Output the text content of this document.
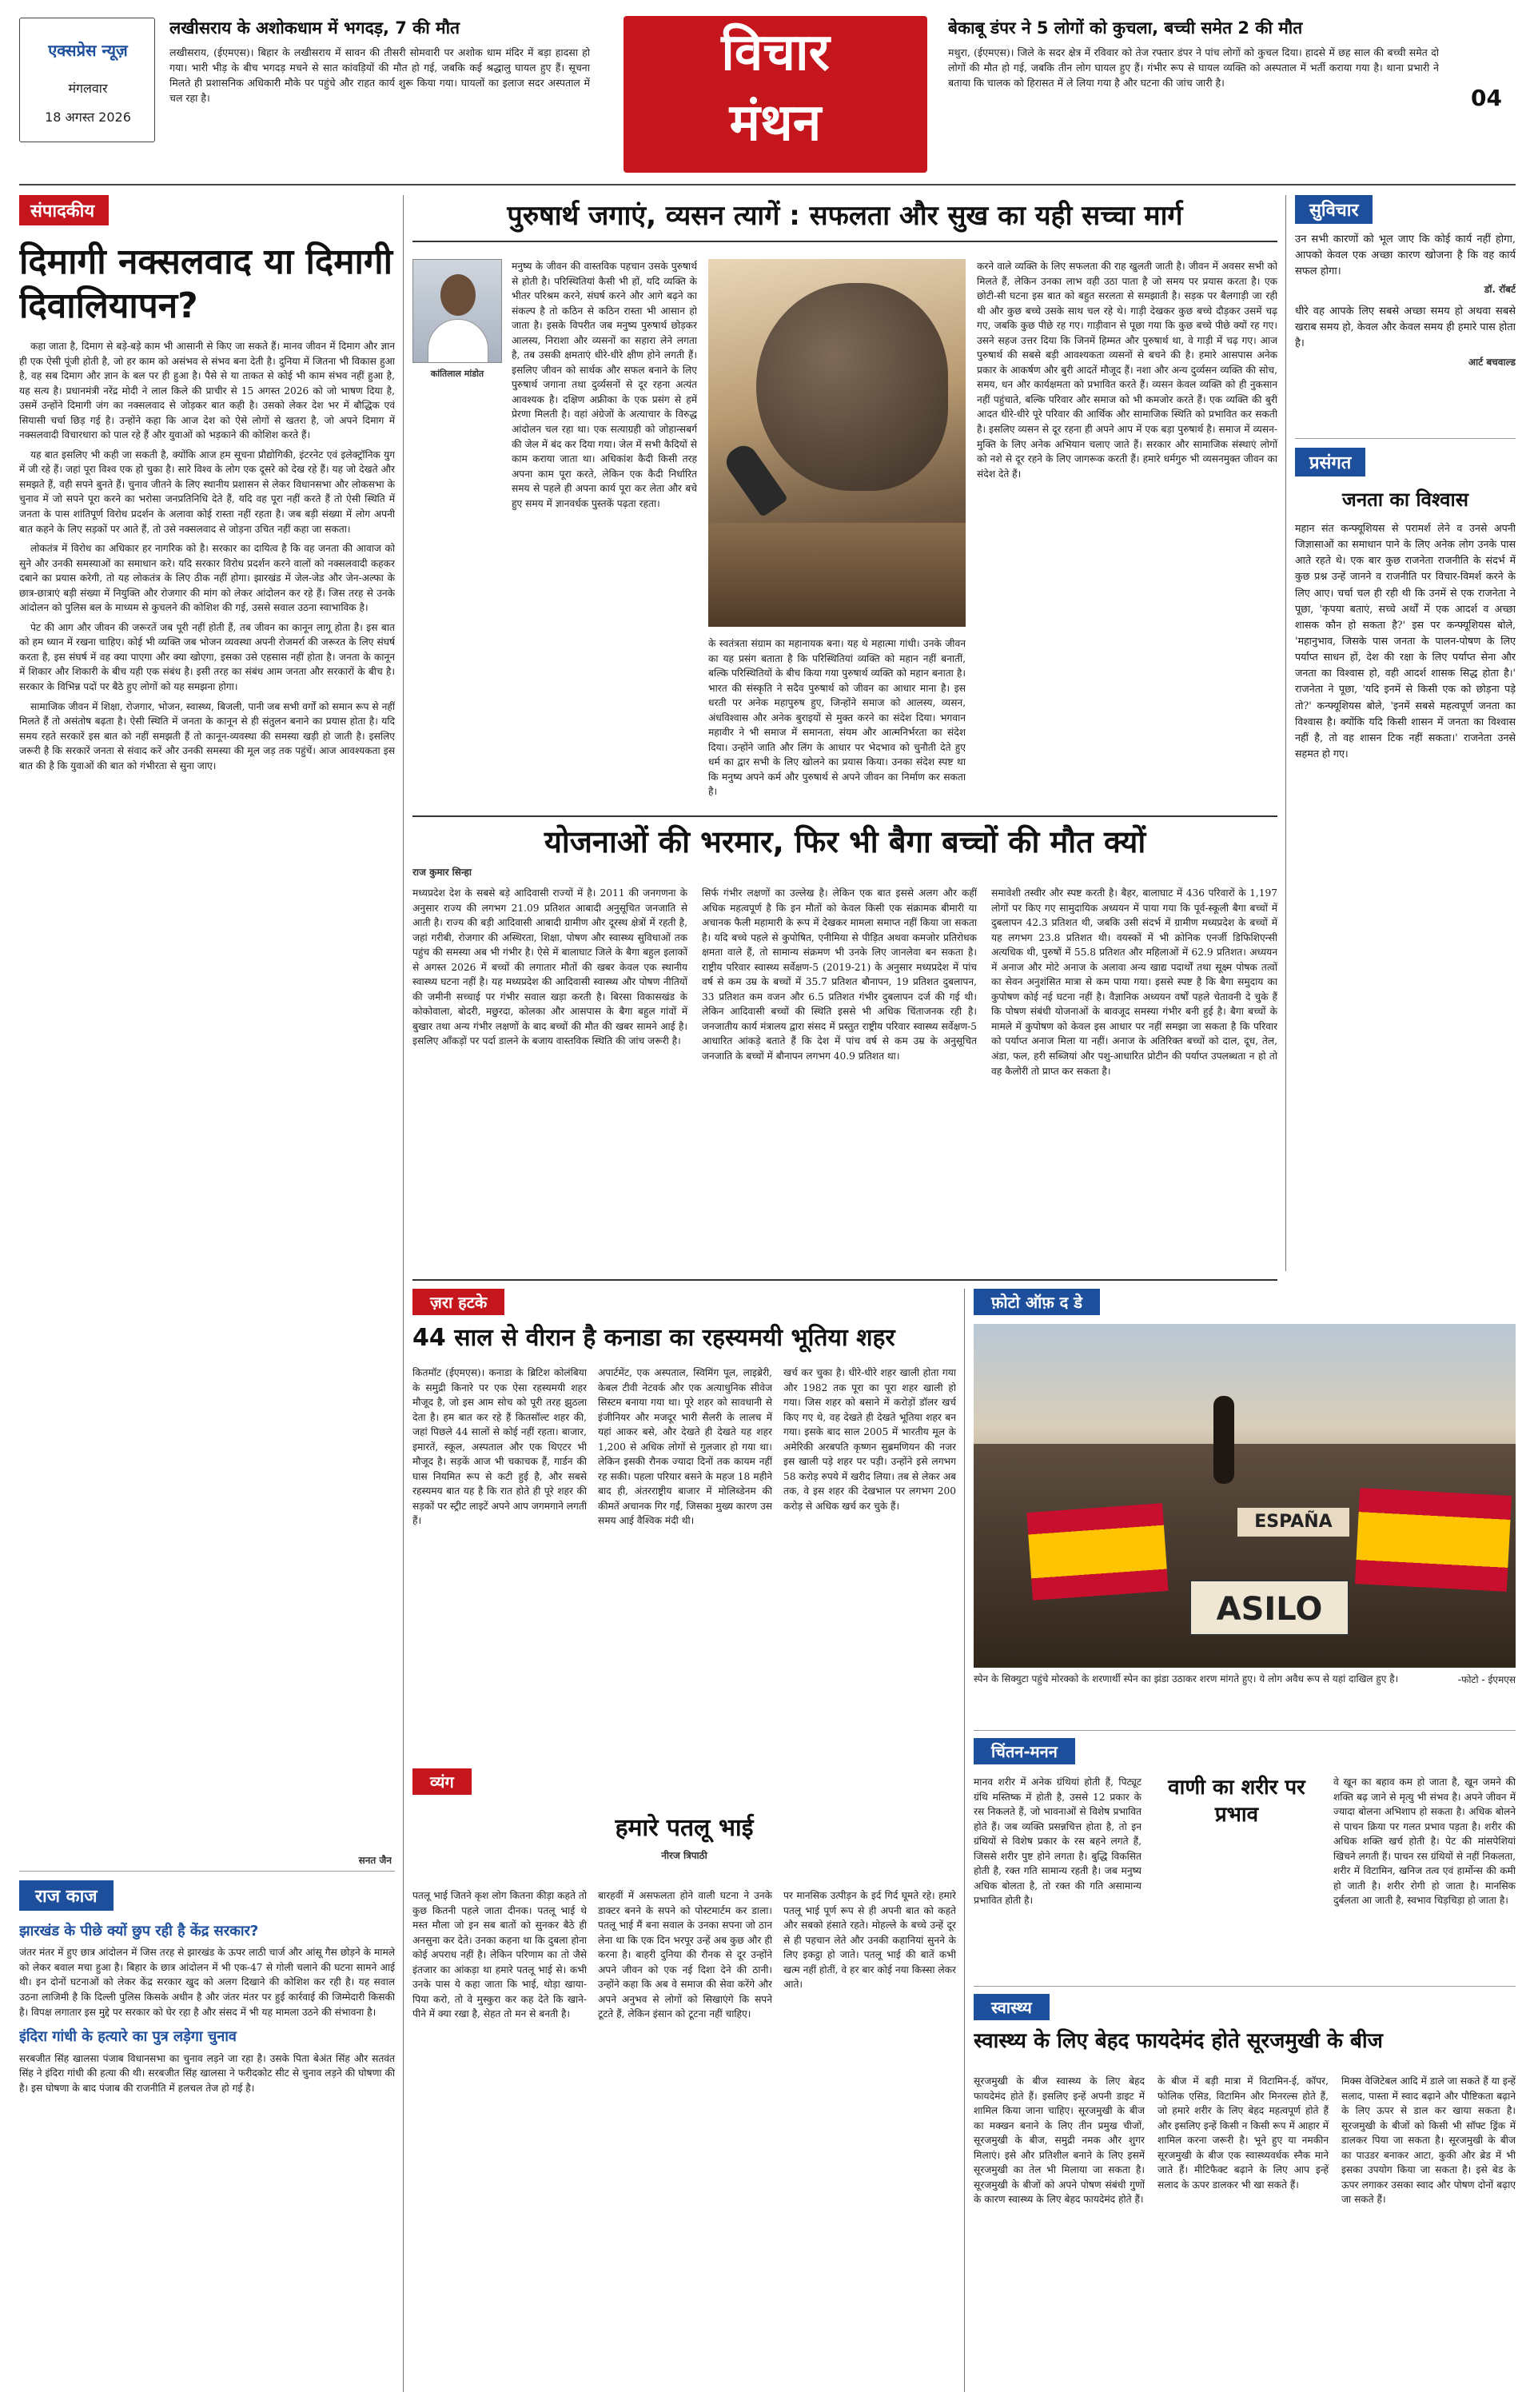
एक्सप्रेस न्यूज़
मंगलवार
18 अगस्त 2026
लखीसराय के अशोकधाम में भगदड़, 7 की मौत
लखीसराय, (ईएमएस)। बिहार के लखीसराय में सावन की तीसरी सोमवारी पर अशोक धाम मंदिर में बड़ा हादसा हो गया। भारी भीड़ के बीच भगदड़ मचने से सात कांवड़ियों की मौत हो गई, जबकि कई श्रद्धालु घायल हुए हैं। सूचना मिलते ही प्रशासनिक अधिकारी मौके पर पहुंचे और राहत कार्य शुरू किया गया। घायलों का इलाज सदर अस्पताल में चल रहा है।
विचार
मंथन
बेकाबू डंपर ने 5 लोगों को कुचला, बच्ची समेत 2 की मौत
मथुरा, (ईएमएस)। जिले के सदर क्षेत्र में रविवार को तेज रफ्तार डंपर ने पांच लोगों को कुचल दिया। हादसे में छह साल की बच्ची समेत दो लोगों की मौत हो गई, जबकि तीन लोग घायल हुए हैं। गंभीर रूप से घायल व्यक्ति को अस्पताल में भर्ती कराया गया है। थाना प्रभारी ने बताया कि चालक को हिरासत में ले लिया गया है और घटना की जांच जारी है।
04
संपादकीय
दिमागी नक्सलवाद या दिमागी दिवालियापन?

कहा जाता है, दिमाग से बड़े-बड़े काम भी आसानी से किए जा सकते हैं। मानव जीवन में दिमाग और ज्ञान ही एक ऐसी पूंजी होती है, जो हर काम को असंभव से संभव बना देती है। दुनिया में जितना भी विकास हुआ है, वह सब दिमाग और ज्ञान के बल पर ही हुआ है। पैसे से या ताकत से कोई भी काम संभव नहीं हुआ है, यह सत्य है। प्रधानमंत्री नरेंद्र मोदी ने लाल किले की प्राचीर से 15 अगस्त 2026 को जो भाषण दिया है, उसमें उन्होंने दिमागी जंग का नक्सलवाद से जोड़कर बात कही है। उसको लेकर देश भर में बौद्धिक एवं सियासी चर्चा छिड़ गई है। उन्होंने कहा कि आज देश को ऐसे लोगों से खतरा है, जो अपने दिमाग में नक्सलवादी विचारधारा को पाल रहे हैं और युवाओं को भड़काने की कोशिश करते हैं।

यह बात इसलिए भी कही जा सकती है, क्योंकि आज हम सूचना प्रौद्योगिकी, इंटरनेट एवं इलेक्ट्रॉनिक युग में जी रहे हैं। जहां पूरा विश्व एक हो चुका है। सारे विश्व के लोग एक दूसरे को देख रहे हैं। यह जो देखते और समझते हैं, वही सपने बुनते हैं। चुनाव जीतने के लिए स्थानीय प्रशासन से लेकर विधानसभा और लोकसभा के चुनाव में जो सपने पूरा करने का भरोसा जनप्रतिनिधि देते हैं, यदि वह पूरा नहीं करते हैं तो ऐसी स्थिति में जनता के पास शांतिपूर्ण विरोध प्रदर्शन के अलावा कोई रास्ता नहीं रहता है। जब बड़ी संख्या में लोग अपनी बात कहने के लिए सड़कों पर आते हैं, तो उसे नक्सलवाद से जोड़ना उचित नहीं कहा जा सकता।

लोकतंत्र में विरोध का अधिकार हर नागरिक को है। सरकार का दायित्व है कि वह जनता की आवाज को सुने और उनकी समस्याओं का समाधान करे। यदि सरकार विरोध प्रदर्शन करने वालों को नक्सलवादी कहकर दबाने का प्रयास करेगी, तो यह लोकतंत्र के लिए ठीक नहीं होगा। झारखंड में जेल-जेड और जेन-अल्फा के छात्र-छात्राएं बड़ी संख्या में नियुक्ति और रोजगार की मांग को लेकर आंदोलन कर रहे हैं। जिस तरह से उनके आंदोलन को पुलिस बल के माध्यम से कुचलने की कोशिश की गई, उससे सवाल उठना स्वाभाविक है।

पेट की आग और जीवन की जरूरतें जब पूरी नहीं होती हैं, तब जीवन का कानून लागू होता है। इस बात को हम ध्यान में रखना चाहिए। कोई भी व्यक्ति जब भोजन व्यवस्था अपनी रोजमर्रा की जरूरत के लिए संघर्ष करता है, इस संघर्ष में वह क्या पाएगा और क्या खोएगा, इसका उसे एहसास नहीं होता है। जनता के कानून में शिकार और शिकारी के बीच यही एक संबंध है। इसी तरह का संबंध आम जनता और सरकारों के बीच है। सरकार के विभिन्न पदों पर बैठे हुए लोगों को यह समझना होगा।

सामाजिक जीवन में शिक्षा, रोजगार, भोजन, स्वास्थ्य, बिजली, पानी जब सभी वर्गों को समान रूप से नहीं मिलते हैं तो असंतोष बढ़ता है। ऐसी स्थिति में जनता के कानून से ही संतुलन बनाने का प्रयास होता है। यदि समय रहते सरकारें इस बात को नहीं समझती हैं तो कानून-व्यवस्था की समस्या खड़ी हो जाती है। इसलिए जरूरी है कि सरकारें जनता से संवाद करें और उनकी समस्या की मूल जड़ तक पहुंचें। आज आवश्यकता इस बात की है कि युवाओं की बात को गंभीरता से सुना जाए।

सनत जैन
राज काज
झारखंड के पीछे क्यों छुप रही है केंद्र सरकार?
जंतर मंतर में हुए छात्र आंदोलन में जिस तरह से झारखंड के ऊपर लाठी चार्ज और आंसू गैस छोड़ने के मामले को लेकर बवाल मचा हुआ है। बिहार के छात्र आंदोलन में भी एक-47 से गोली चलाने की घटना सामने आई थी। इन दोनों घटनाओं को लेकर केंद्र सरकार खुद को अलग दिखाने की कोशिश कर रही है। यह सवाल उठना लाजिमी है कि दिल्ली पुलिस किसके अधीन है और जंतर मंतर पर हुई कार्रवाई की जिम्मेदारी किसकी है। विपक्ष लगातार इस मुद्दे पर सरकार को घेर रहा है और संसद में भी यह मामला उठने की संभावना है।
इंदिरा गांधी के हत्यारे का पुत्र लड़ेगा चुनाव
सरबजीत सिंह खालसा पंजाब विधानसभा का चुनाव लड़ने जा रहा है। उसके पिता बेअंत सिंह और सतवंत सिंह ने इंदिरा गांधी की हत्या की थी। सरबजीत सिंह खालसा ने फरीदकोट सीट से चुनाव लड़ने की घोषणा की है। इस घोषणा के बाद पंजाब की राजनीति में हलचल तेज हो गई है।
पुरुषार्थ जगाएं, व्यसन त्यागें : सफलता और सुख का यही सच्चा मार्ग
कांतिलाल मांडोत
मनुष्य के जीवन की वास्तविक पहचान उसके पुरुषार्थ से होती है। परिस्थितियां कैसी भी हों, यदि व्यक्ति के भीतर परिश्रम करने, संघर्ष करने और आगे बढ़ने का संकल्प है तो कठिन से कठिन रास्ता भी आसान हो जाता है। इसके विपरीत जब मनुष्य पुरुषार्थ छोड़कर आलस्य, निराशा और व्यसनों का सहारा लेने लगता है, तब उसकी क्षमताएं धीरे-धीरे क्षीण होने लगती हैं। इसलिए जीवन को सार्थक और सफल बनाने के लिए पुरुषार्थ जगाना तथा दुर्व्यसनों से दूर रहना अत्यंत आवश्यक है। दक्षिण अफ्रीका के एक प्रसंग से हमें प्रेरणा मिलती है। वहां अंग्रेजों के अत्याचार के विरुद्ध आंदोलन चल रहा था। एक सत्याग्रही को जोहान्सबर्ग की जेल में बंद कर दिया गया। जेल में सभी कैदियों से काम कराया जाता था। अधिकांश कैदी किसी तरह अपना काम पूरा करते, लेकिन एक कैदी निर्धारित समय से पहले ही अपना कार्य पूरा कर लेता और बचे हुए समय में ज्ञानवर्धक पुस्तकें पढ़ता रहता।
के स्वतंत्रता संग्राम का महानायक बना। यह थे महात्मा गांधी। उनके जीवन का यह प्रसंग बताता है कि परिस्थितियां व्यक्ति को महान नहीं बनातीं, बल्कि परिस्थितियों के बीच किया गया पुरुषार्थ व्यक्ति को महान बनाता है। भारत की संस्कृति ने सदैव पुरुषार्थ को जीवन का आधार माना है। इस धरती पर अनेक महापुरुष हुए, जिन्होंने समाज को आलस्य, व्यसन, अंधविश्वास और अनेक बुराइयों से मुक्त करने का संदेश दिया। भगवान महावीर ने भी समाज में समानता, संयम और आत्मनिर्भरता का संदेश दिया। उन्होंने जाति और लिंग के आधार पर भेदभाव को चुनौती देते हुए धर्म का द्वार सभी के लिए खोलने का प्रयास किया। उनका संदेश स्पष्ट था कि मनुष्य अपने कर्म और पुरुषार्थ से अपने जीवन का निर्माण कर सकता है।
करने वाले व्यक्ति के लिए सफलता की राह खुलती जाती है। जीवन में अवसर सभी को मिलते हैं, लेकिन उनका लाभ वही उठा पाता है जो समय पर प्रयास करता है। एक छोटी-सी घटना इस बात को बहुत सरलता से समझाती है। सड़क पर बैलगाड़ी जा रही थी और कुछ बच्चे उसके साथ चल रहे थे। गाड़ी देखकर कुछ बच्चे दौड़कर उसमें चढ़ गए, जबकि कुछ पीछे रह गए। गाड़ीवान से पूछा गया कि कुछ बच्चे पीछे क्यों रह गए। उसने सहज उत्तर दिया कि जिनमें हिम्मत और पुरुषार्थ था, वे गाड़ी में चढ़ गए। आज पुरुषार्थ की सबसे बड़ी आवश्यकता व्यसनों से बचने की है। हमारे आसपास अनेक प्रकार के आकर्षण और बुरी आदतें मौजूद हैं। नशा और अन्य दुर्व्यसन व्यक्ति की सोच, समय, धन और कार्यक्षमता को प्रभावित करते हैं। व्यसन केवल व्यक्ति को ही नुकसान नहीं पहुंचाते, बल्कि परिवार और समाज को भी कमजोर करते हैं। एक व्यक्ति की बुरी आदत धीरे-धीरे पूरे परिवार की आर्थिक और सामाजिक स्थिति को प्रभावित कर सकती है। इसलिए व्यसन से दूर रहना ही अपने आप में एक बड़ा पुरुषार्थ है। समाज में व्यसन-मुक्ति के लिए अनेक अभियान चलाए जाते हैं। सरकार और सामाजिक संस्थाएं लोगों को नशे से दूर रहने के लिए जागरूक करती हैं। हमारे धर्मगुरु भी व्यसनमुक्त जीवन का संदेश देते हैं।
योजनाओं की भरमार, फिर भी बैगा बच्चों की मौत क्यों
राज कुमार सिन्हा
मध्यप्रदेश देश के सबसे बड़े आदिवासी राज्यों में है। 2011 की जनगणना के अनुसार राज्य की लगभग 21.09 प्रतिशत आबादी अनुसूचित जनजाति से आती है। राज्य की बड़ी आदिवासी आबादी ग्रामीण और दूरस्थ क्षेत्रों में रहती है, जहां गरीबी, रोजगार की अस्थिरता, शिक्षा, पोषण और स्वास्थ्य सुविधाओं तक पहुंच की समस्या अब भी गंभीर है। ऐसे में बालाघाट जिले के बैगा बहुल इलाकों से अगस्त 2026 में बच्चों की लगातार मौतों की खबर केवल एक स्थानीय स्वास्थ्य घटना नहीं है। यह मध्यप्रदेश की आदिवासी स्वास्थ्य और पोषण नीतियों की जमीनी सच्चाई पर गंभीर सवाल खड़ा करती है। बिरसा विकासखंड के कोकोवाला, बोदरी, मछुरदा, कोलका और आसपास के बैगा बहुल गांवों में बुखार तथा अन्य गंभीर लक्षणों के बाद बच्चों की मौत की खबर सामने आई है। इसलिए आँकड़ों पर पर्दा डालने के बजाय वास्तविक स्थिति की जांच जरूरी है।
सिर्फ गंभीर लक्षणों का उल्लेख है। लेकिन एक बात इससे अलग और कहीं अधिक महत्वपूर्ण है कि इन मौतों को केवल किसी एक संक्रामक बीमारी या अचानक फैली महामारी के रूप में देखकर मामला समाप्त नहीं किया जा सकता है। यदि बच्चे पहले से कुपोषित, एनीमिया से पीड़ित अथवा कमजोर प्रतिरोधक क्षमता वाले हैं, तो सामान्य संक्रमण भी उनके लिए जानलेवा बन सकता है। राष्ट्रीय परिवार स्वास्थ्य सर्वेक्षण-5 (2019-21) के अनुसार मध्यप्रदेश में पांच वर्ष से कम उम्र के बच्चों में 35.7 प्रतिशत बौनापन, 19 प्रतिशत दुबलापन, 33 प्रतिशत कम वजन और 6.5 प्रतिशत गंभीर दुबलापन दर्ज की गई थी। लेकिन आदिवासी बच्चों की स्थिति इससे भी अधिक चिंताजनक रही है। जनजातीय कार्य मंत्रालय द्वारा संसद में प्रस्तुत राष्ट्रीय परिवार स्वास्थ्य सर्वेक्षण-5 आधारित आंकड़े बताते हैं कि देश में पांच वर्ष से कम उम्र के अनुसूचित जनजाति के बच्चों में बौनापन लगभग 40.9 प्रतिशत था।
समावेशी तस्वीर और स्पष्ट करती है। बैहर, बालाघाट में 436 परिवारों के 1,197 लोगों पर किए गए सामुदायिक अध्ययन में पाया गया कि पूर्व-स्कूली बैगा बच्चों में दुबलापन 42.3 प्रतिशत थी, जबकि उसी संदर्भ में ग्रामीण मध्यप्रदेश के बच्चों में यह लगभग 23.8 प्रतिशत थी। वयस्कों में भी क्रोनिक एनर्जी डिफिशिएन्सी अत्यधिक थी, पुरुषों में 55.8 प्रतिशत और महिलाओं में 62.9 प्रतिशत। अध्ययन में अनाज और मोटे अनाज के अलावा अन्य खाद्य पदार्थों तथा सूक्ष्म पोषक तत्वों का सेवन अनुशंसित मात्रा से कम पाया गया। इससे स्पष्ट है कि बैगा समुदाय का कुपोषण कोई नई घटना नहीं है। वैज्ञानिक अध्ययन वर्षों पहले चेतावनी दे चुके हैं कि पोषण संबंधी योजनाओं के बावजूद समस्या गंभीर बनी हुई है। बैगा बच्चों के मामले में कुपोषण को केवल इस आधार पर नहीं समझा जा सकता है कि परिवार को पर्याप्त अनाज मिला या नहीं। अनाज के अतिरिक्त बच्चों को दाल, दूध, तेल, अंडा, फल, हरी सब्जियां और पशु-आधारित प्रोटीन की पर्याप्त उपलब्धता न हो तो वह कैलोरी तो प्राप्त कर सकता है।
ज़रा हटके
44 साल से वीरान है कनाडा का रहस्यमयी भूतिया शहर
कितमॉट (ईएमएस)। कनाडा के ब्रिटिश कोलंबिया के समुद्री किनारे पर एक ऐसा रहस्यमयी शहर मौजूद है, जो इस आम सोच को पूरी तरह झुठला देता है। हम बात कर रहे हैं कितसॉल्ट शहर की, जहां पिछले 44 सालों से कोई नहीं रहता। बाजार, इमारतें, स्कूल, अस्पताल और एक थिएटर भी मौजूद है। सड़कें आज भी चकाचक हैं, गार्डन की घास नियमित रूप से कटी हुई है, और सबसे रहस्यमय बात यह है कि रात होते ही पूरे शहर की सड़कों पर स्ट्रीट लाइटें अपने आप जगमगाने लगती हैं।
अपार्टमेंट, एक अस्पताल, स्विमिंग पूल, लाइब्रेरी, केबल टीवी नेटवर्क और एक अत्याधुनिक सीवेज सिस्टम बनाया गया था। पूरे शहर को सावधानी से इंजीनियर और मजदूर भारी सैलरी के लालच में यहां आकर बसे, और देखते ही देखते यह शहर 1,200 से अधिक लोगों से गुलजार हो गया था। लेकिन इसकी रौनक ज्यादा दिनों तक कायम नहीं रह सकी। पहला परियार बसने के महज 18 महीने बाद ही, अंतरराष्ट्रीय बाजार में मोलिब्डेनम की कीमतें अचानक गिर गईं, जिसका मुख्य कारण उस समय आई वैश्विक मंदी थी।
खर्च कर चुका है। धीरे-धीरे शहर खाली होता गया और 1982 तक पूरा का पूरा शहर खाली हो गया। जिस शहर को बसाने में करोड़ों डॉलर खर्च किए गए थे, वह देखते ही देखते भूतिया शहर बन गया। इसके बाद साल 2005 में भारतीय मूल के अमेरिकी अरबपति कृष्णन सुब्रमणियन की नजर इस खाली पड़े शहर पर पड़ी। उन्होंने इसे लगभग 58 करोड़ रुपये में खरीद लिया। तब से लेकर अब तक, वे इस शहर की देखभाल पर लगभग 200 करोड़ से अधिक खर्च कर चुके हैं।
व्यंग
हमारे पतलू भाई
नीरज त्रिपाठी
पतलू भाई जितने कृश लोग कितना कीड़ा कहते तो कुछ कितनी पहले जाता दीनक। पतलू भाई थे मस्त मौला जो इन सब बातों को सुनकर बैठे ही अनसुना कर देते। उनका कहना था कि दुबला होना कोई अपराध नहीं है। लेकिन परिणाम का तो जैसे इंतजार का आंकड़ा था हमारे पतलू भाई से। कभी उनके पास ये कहा जाता कि भाई, थोड़ा खाया-पिया करो, तो वे मुस्कुरा कर कह देते कि खाने-पीने में क्या रखा है, सेहत तो मन से बनती है।
बारहवीं में असफलता होने वाली घटना ने उनके डाक्टर बनने के सपने को पोस्टमार्टम कर डाला। पतलू भाई मैं बना सवाल के उनका सपना जो ठान लेना था कि एक दिन भरपूर उन्हें अब कुछ और ही करना है। बाहरी दुनिया की रौनक से दूर उन्होंने अपने जीवन को एक नई दिशा देने की ठानी। उन्होंने कहा कि अब वे समाज की सेवा करेंगे और अपने अनुभव से लोगों को सिखाएंगे कि सपने टूटते हैं, लेकिन इंसान को टूटना नहीं चाहिए।
पर मानसिक उत्पीड़न के इर्द गिर्द घूमते रहे। हमारे पतलू भाई पूर्ण रूप से ही अपनी बात को कहते और सबको हंसाते रहते। मोहल्ले के बच्चे उन्हें दूर से ही पहचान लेते और उनकी कहानियां सुनने के लिए इकट्ठा हो जाते। पतलू भाई की बातें कभी खत्म नहीं होतीं, वे हर बार कोई नया किस्सा लेकर आते।
सुविचार
उन सभी कारणों को भूल जाए कि कोई कार्य नहीं होगा, आपको केवल एक अच्छा कारण खोजना है कि वह कार्य सफल होगा।
डॉ. रॉबर्ट
धीरे वह आपके लिए सबसे अच्छा समय हो अथवा सबसे खराब समय हो, केवल और केवल समय ही हमारे पास होता है।
आर्ट बचवाल्ड
प्रसंगत
जनता का विश्वास
महान संत कन्फ्यूशियस से परामर्श लेने व उनसे अपनी जिज्ञासाओं का समाधान पाने के लिए अनेक लोग उनके पास आते रहते थे। एक बार कुछ राजनेता राजनीति के संदर्भ में कुछ प्रश्न उन्हें जानने व राजनीति पर विचार-विमर्श करने के लिए आए। चर्चा चल ही रही थी कि उनमें से एक राजनेता ने पूछा, 'कृपया बताएं, सच्चे अर्थों में एक आदर्श व अच्छा शासक कौन हो सकता है?' इस पर कन्फ्यूशियस बोले, 'महानुभाव, जिसके पास जनता के पालन-पोषण के लिए पर्याप्त साधन हों, देश की रक्षा के लिए पर्याप्त सेना और जनता का विश्वास हो, वही आदर्श शासक सिद्ध होता है।' राजनेता ने पूछा, 'यदि इनमें से किसी एक को छोड़ना पड़े तो?' कन्फ्यूशियस बोले, 'इनमें सबसे महत्वपूर्ण जनता का विश्वास है। क्योंकि यदि किसी शासन में जनता का विश्वास नहीं है, तो वह शासन टिक नहीं सकता।' राजनेता उनसे सहमत हो गए।
फ़ोटो ऑफ़ द डे
ESPAÑA
ASILO
स्पेन के सिक्युटा पहुंचे मोरक्को के शरणार्थी स्पेन का झंडा उठाकर शरण मांगते हुए। ये लोग अवैध रूप से यहां दाखिल हुए है।	-फोटो - ईएमएस
चिंतन-मनन
मानव शरीर में अनेक ग्रंथियां होती हैं, पिट्यूट ग्रंथि मस्तिष्क में होती है, उससे 12 प्रकार के रस निकलते हैं, जो भावनाओं से विशेष प्रभावित होते हैं। जब व्यक्ति प्रसन्नचित्त होता है, तो इन ग्रंथियों से विशेष प्रकार के रस बहने लगते हैं, जिससे शरीर पुष्ट होने लगता है। बुद्धि विकसित होती है, रक्त गति सामान्य रहती है। जब मनुष्य अधिक बोलता है, तो रक्त की गति असामान्य प्रभावित होती है।
वाणी का शरीर पर प्रभाव
वे खून का बहाव कम हो जाता है, खून जमने की शक्ति बढ़ जाने से मृत्यु भी संभव है। अपने जीवन में ज्यादा बोलना अभिशाप हो सकता है। अधिक बोलने से पाचन क्रिया पर गलत प्रभाव पड़ता है। शरीर की अधिक शक्ति खर्च होती है। पेट की मांसपेशियां खिचने लगती हैं। पाचन रस ग्रंथियों से नहीं निकलता, शरीर में विटामिन, खनिज तत्व एवं हार्मोन्स की कमी हो जाती है। शरीर रोगी हो जाता है। मानसिक दुर्बलता आ जाती है, स्वभाव चिड़चिड़ा हो जाता है।
स्वास्थ्य
स्वास्थ्य के लिए बेहद फायदेमंद होते सूरजमुखी के बीज
सूरजमुखी के बीज स्वास्थ्य के लिए बेहद फायदेमंद होते हैं। इसलिए इन्हें अपनी डाइट में शामिल किया जाना चाहिए। सूरजमुखी के बीज का मक्खन बनाने के लिए तीन प्रमुख चीजों, सूरजमुखी के बीज, समुद्री नमक और शुगर मिलाएं। इसे और प्रतिशील बनाने के लिए इसमें सूरजमुखी का तेल भी मिलाया जा सकता है। सूरजमुखी के बीजों को अपने पोषण संबंधी गुणों के कारण स्वास्थ्य के लिए बेहद फायदेमंद होते हैं।
के बीज में बड़ी मात्रा में विटामिन-ई, कॉपर, फोलिक एसिड, विटामिन और मिनरल्स होते हैं, जो हमारे शरीर के लिए बेहद महत्वपूर्ण होते हैं और इसलिए इन्हें किसी न किसी रूप में आहार में शामिल करना जरूरी है। भूने हुए या नमकीन सूरजमुखी के बीज एक स्वास्थ्यवर्धक स्नैक माने जाते हैं। मीटिफैक्ट बढ़ाने के लिए आप इन्हें सलाद के ऊपर डालकर भी खा सकते हैं।
मिक्स वेजिटेबल आदि में डाले जा सकते हैं या इन्हें सलाद, पास्ता में स्वाद बढ़ाने और पौष्टिकता बढ़ाने के लिए ऊपर से डाल कर खाया सकता है। सूरजमुखी के बीजों को किसी भी सॉफ्ट ड्रिंक में डालकर पिया जा सकता है। सूरजमुखी के बीज का पाउडर बनाकर आटा, कुकी और ब्रेड में भी इसका उपयोग किया जा सकता है। इसे बेड के ऊपर लगाकर उसका स्वाद और पोषण दोनों बढ़ाए जा सकते हैं।
